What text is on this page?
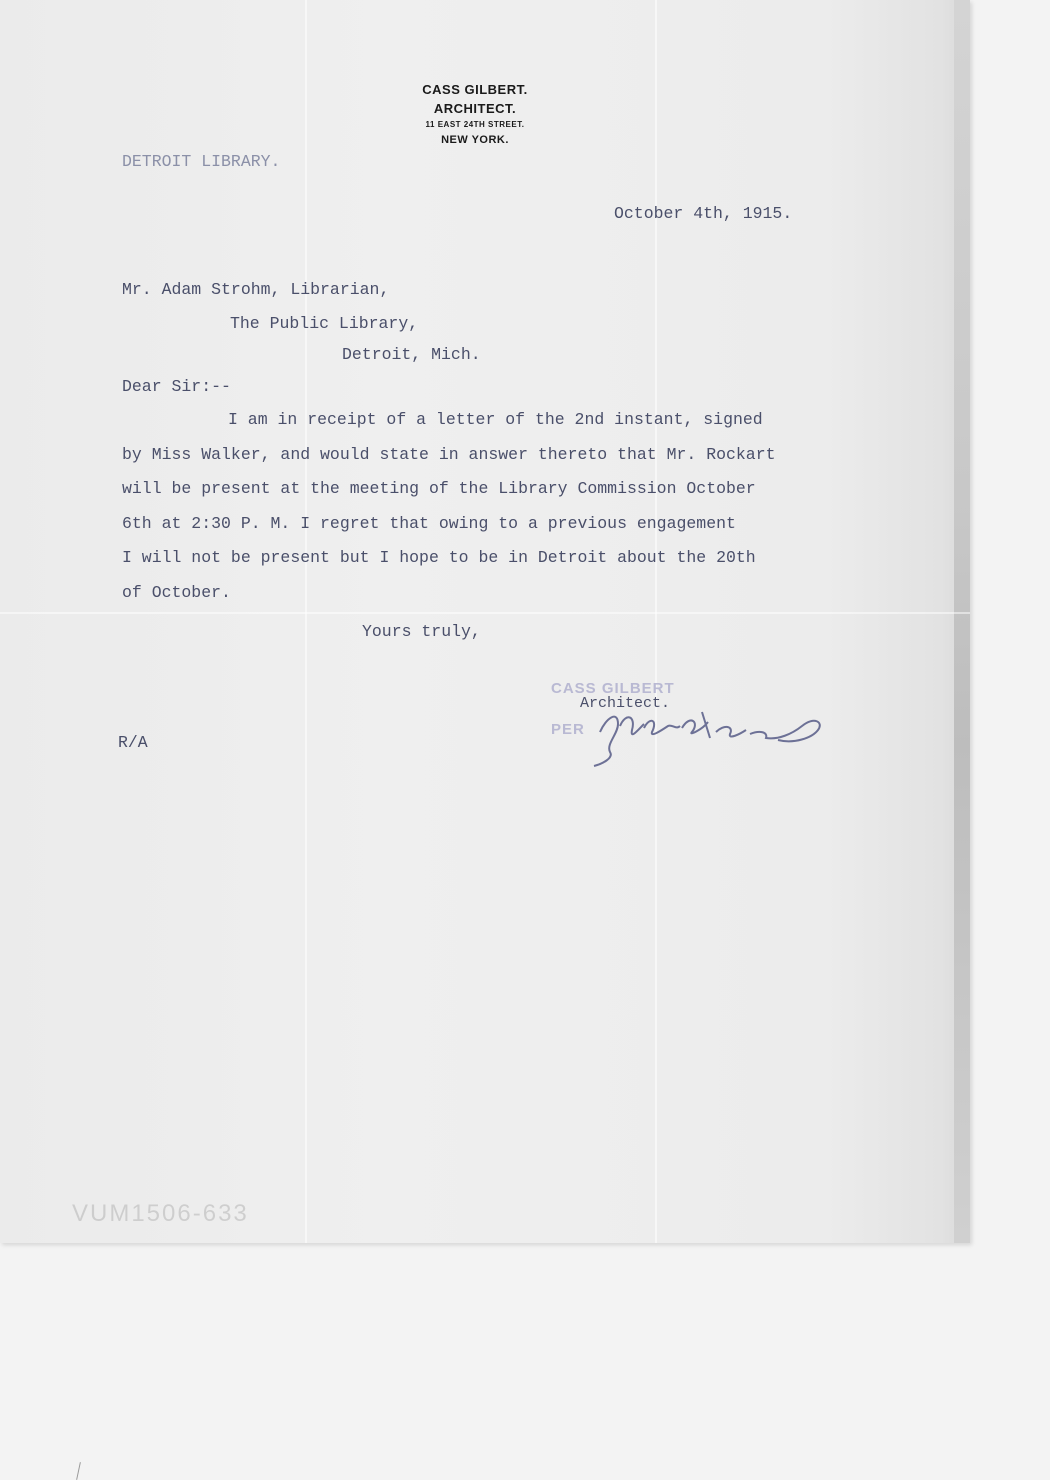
CASS GILBERT.
ARCHITECT.
11 EAST 24TH STREET.
NEW YORK.
DETROIT LIBRARY.
October 4th, 1915.
Mr. Adam Strohm, Librarian,
The Public Library,
Detroit, Mich.
Dear Sir:--
I am in receipt of a letter of the 2nd instant, signed
by Miss Walker, and would state in answer thereto that Mr. Rockart
will be present at the meeting of the Library Commission October
6th at 2:30 P. M. I regret that owing to a previous engagement
I will not be present but I hope to be in Detroit about the 20th
of October.
Yours truly,
CASS GILBERT
Architect.
PER
R/A
VUM1506-633
